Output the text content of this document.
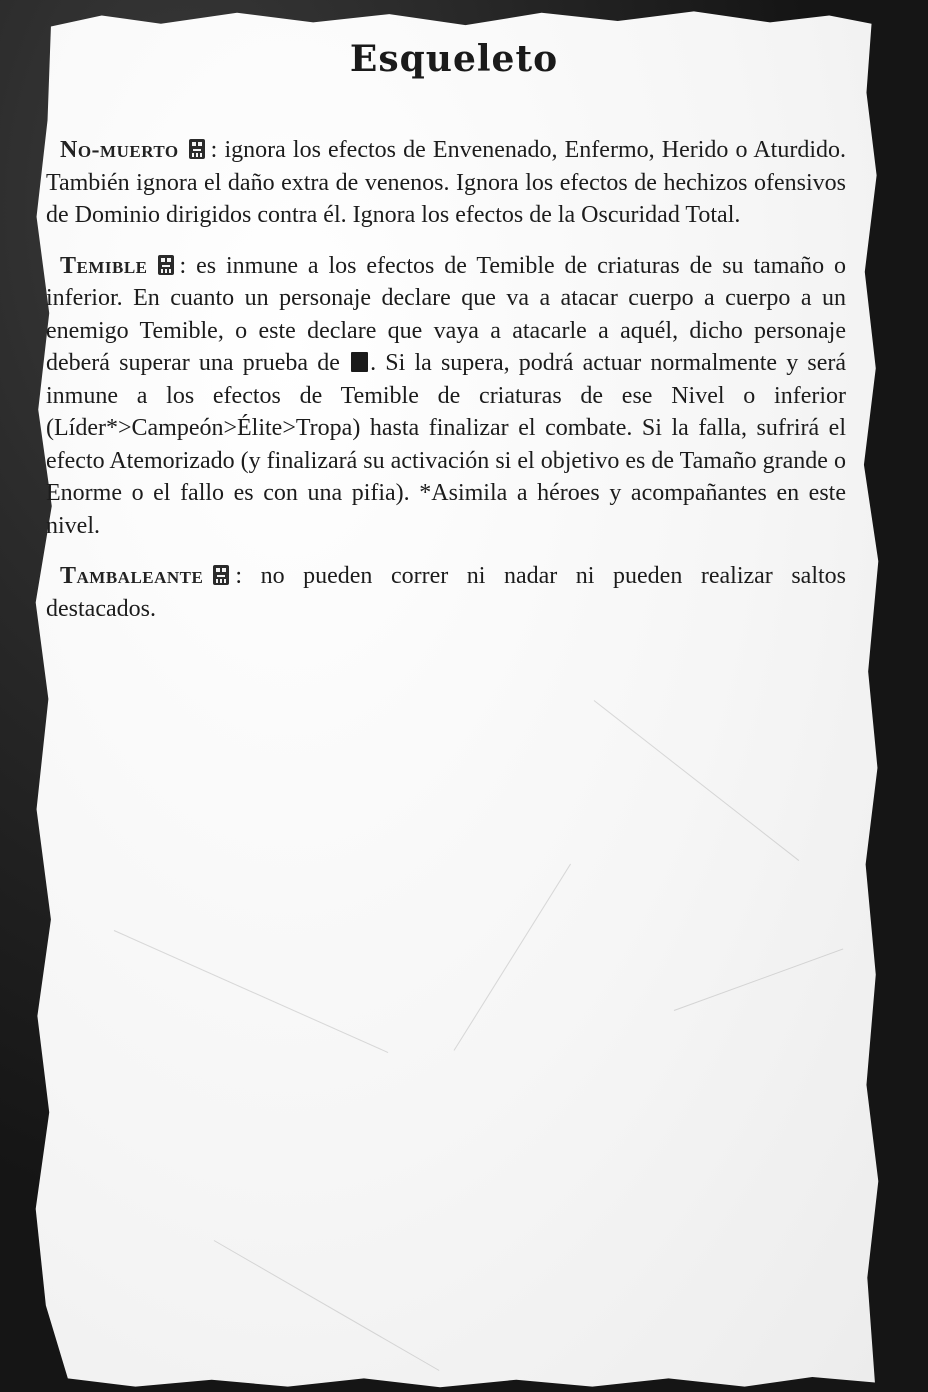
Esqueleto

No-muerto : ignora los efectos de Envenenado, Enfermo, Herido o Aturdido. También ignora el daño extra de venenos. Ignora los efectos de hechizos ofensivos de Dominio dirigidos contra él. Ignora los efectos de la Oscuridad Total.

Temible : es inmune a los efectos de Temible de criaturas de su tamaño o inferior. En cuanto un personaje declare que va a atacar cuerpo a cuerpo a un enemigo Temible, o este declare que vaya a atacarle a aquél, dicho personaje deberá superar una prueba de . Si la supera, podrá actuar normalmente y será inmune a los efectos de Temible de criaturas de ese Nivel o inferior (Líder*>Campeón>Élite>Tropa) hasta finalizar el combate. Si la falla, sufrirá el efecto Atemorizado (y finalizará su activación si el objetivo es de Tamaño grande o Enorme o el fallo es con una pifia). *Asimila a héroes y acompañantes en este nivel.

Tambaleante : no pueden correr ni nadar ni pueden realizar saltos destacados.
